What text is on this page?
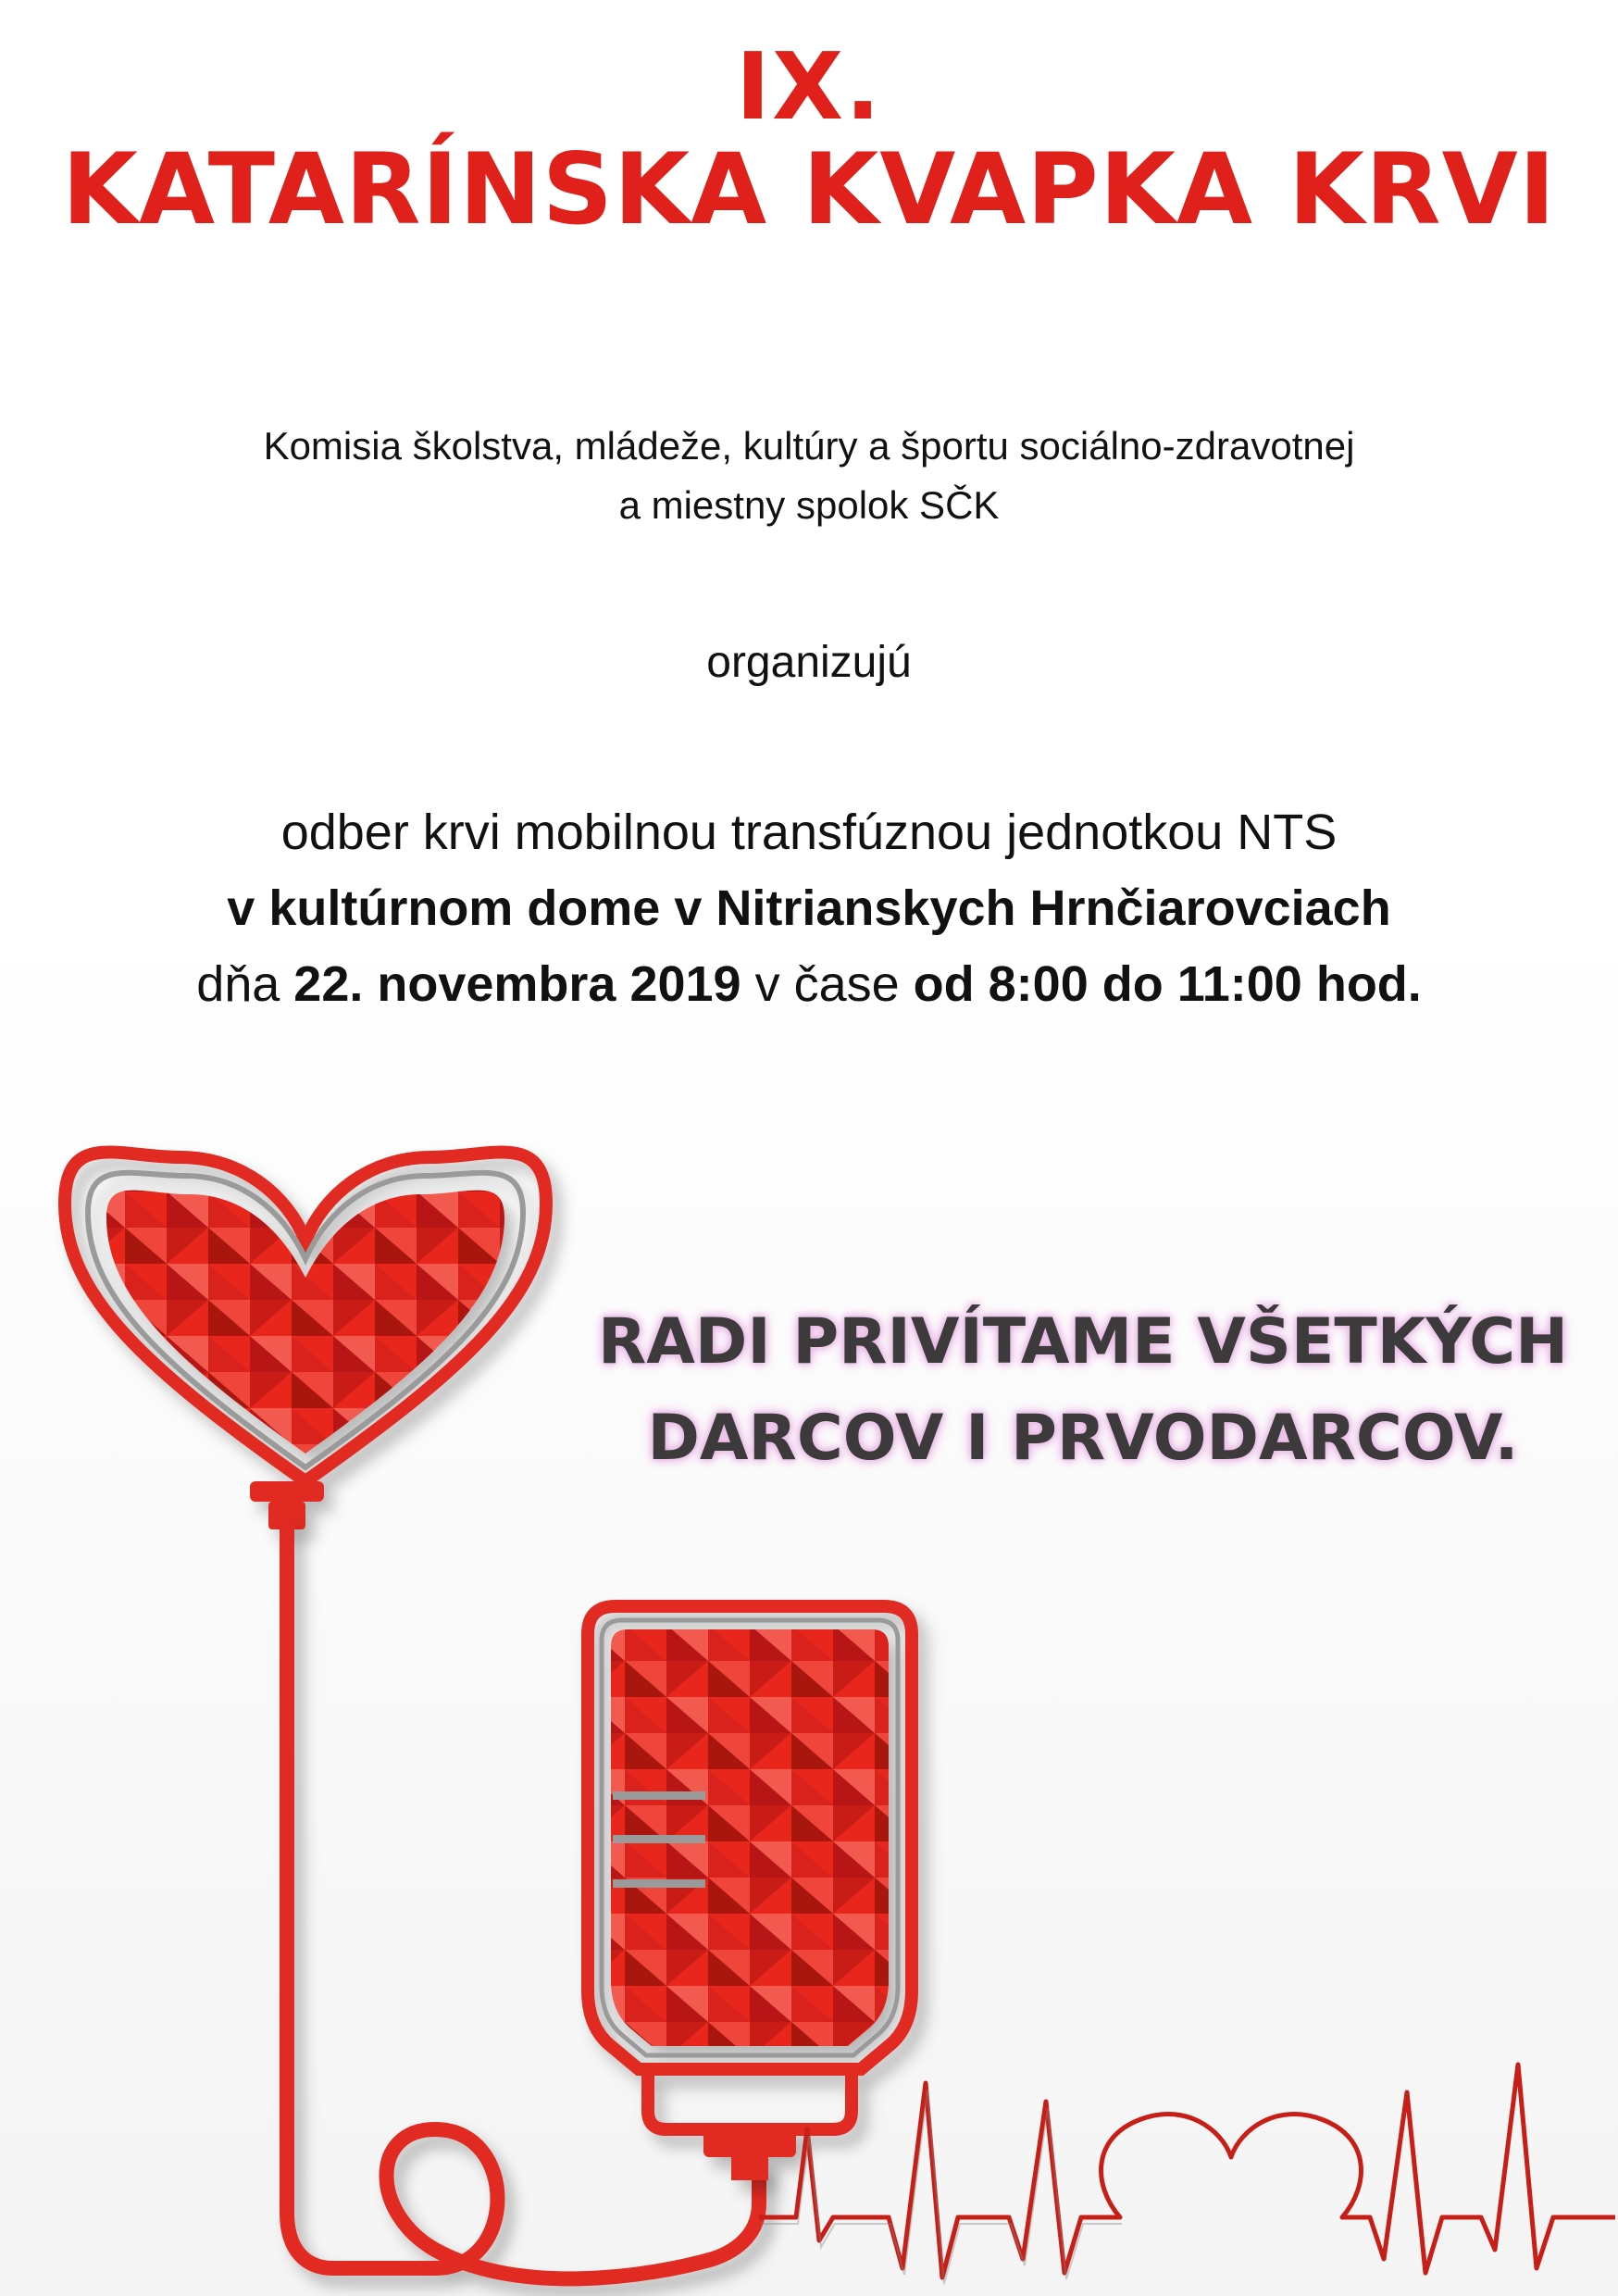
IX.

KATARÍNSKA KVAPKA KRVI

Komisia školstva, mládeže, kultúry a športu sociálno-zdravotnej
a miestny spolok SČK
organizujú
odber krvi mobilnou transfúznou jednotkou NTS
v kultúrnom dome v Nitrianskych Hrnčiarovciach
dňa 22. novembra 2019 v čase od 8:00 do 11:00 hod.
RADI PRIVÍTAME VŠETKÝCH
DARCOV I PRVODARCOV.
